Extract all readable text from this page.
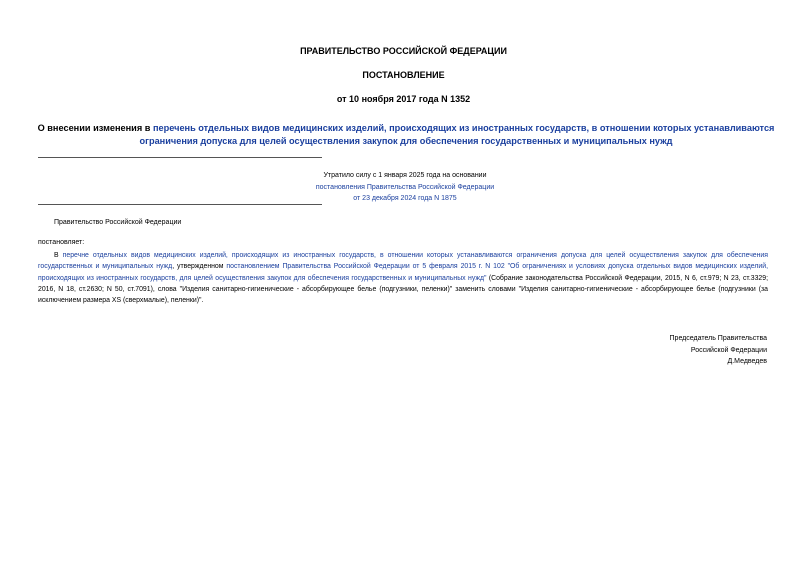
ПРАВИТЕЛЬСТВО РОССИЙСКОЙ ФЕДЕРАЦИИ
ПОСТАНОВЛЕНИЕ
от 10 ноября 2017 года N 1352
О внесении изменения в перечень отдельных видов медицинских изделий, происходящих из иностранных государств, в отношении которых устанавливаются ограничения допуска для целей осуществления закупок для обеспечения государственных и муниципальных нужд
Утратило силу с 1 января 2025 года на основании
постановления Правительства Российской Федерации
от 23 декабря 2024 года N 1875
Правительство Российской Федерации
постановляет:
В перечне отдельных видов медицинских изделий, происходящих из иностранных государств, в отношении которых устанавливаются ограничения допуска для целей осуществления закупок для обеспечения государственных и муниципальных нужд, утвержденном постановлением Правительства Российской Федерации от 5 февраля 2015 г. N 102 "Об ограничениях и условиях допуска отдельных видов медицинских изделий, происходящих из иностранных государств, для целей осуществления закупок для обеспечения государственных и муниципальных нужд" (Собрание законодательства Российской Федерации, 2015, N 6, ст.979; N 23, ст.3329; 2016, N 18, ст.2630; N 50, ст.7091), слова "Изделия санитарно-гигиенические - абсорбирующее белье (подгузники, пеленки)" заменить словами "Изделия санитарно-гигиенические - абсорбирующее белье (подгузники (за исключением размера XS (сверхмалые), пеленки)".
Председатель Правительства
Российской Федерации
Д.Медведев
